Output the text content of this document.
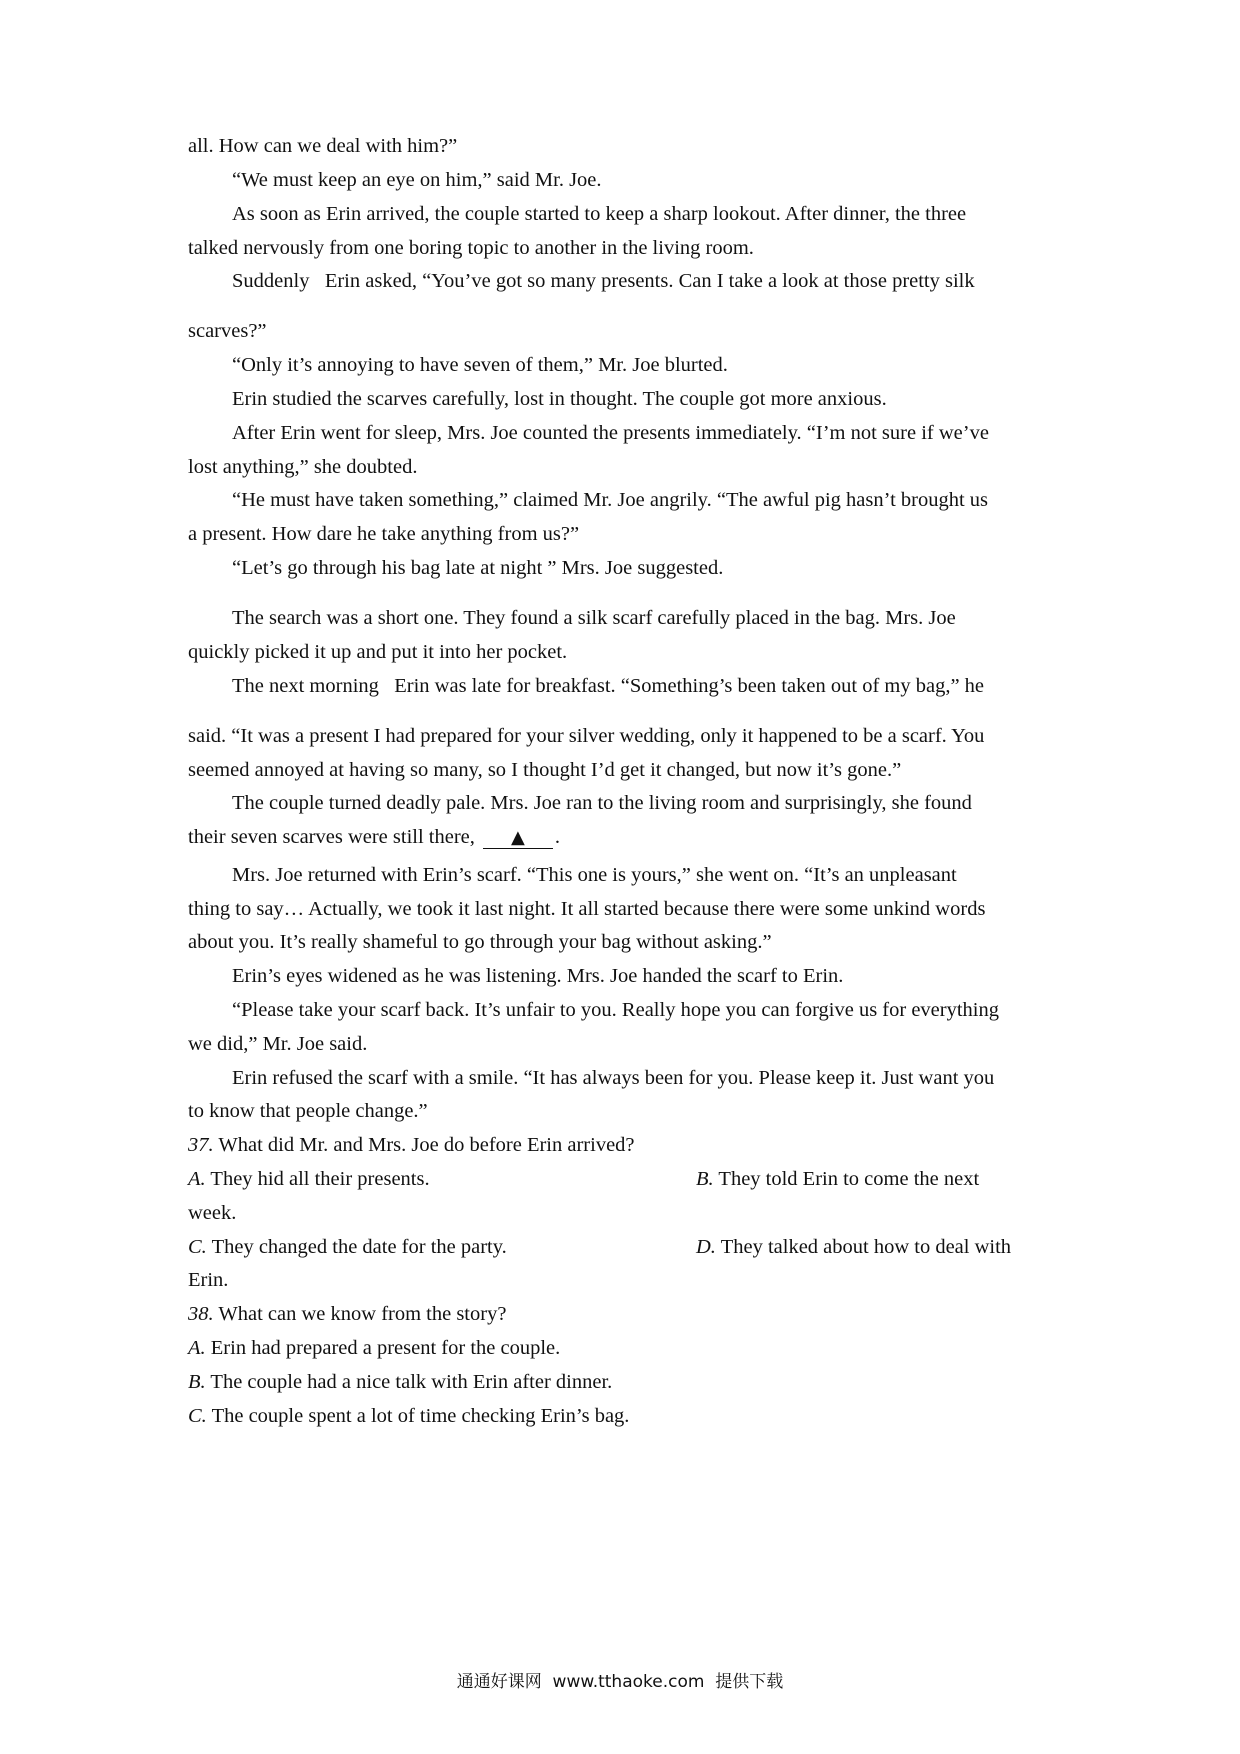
all. How can we deal with him?”
“We must keep an eye on him,” said Mr. Joe.
As soon as Erin arrived, the couple started to keep a sharp lookout. After dinner, the three
talked nervously from one boring topic to another in the living room.
Suddenly   Erin asked, “You’ve got so many presents. Can I take a look at those pretty silk
scarves?”
“Only it’s annoying to have seven of them,” Mr. Joe blurted.
Erin studied the scarves carefully, lost in thought. The couple got more anxious.
After Erin went for sleep, Mrs. Joe counted the presents immediately. “I’m not sure if we’ve
lost anything,” she doubted.
“He must have taken something,” claimed Mr. Joe angrily. “The awful pig hasn’t brought us
a present. How dare he take anything from us?”
“Let’s go through his bag late at night ” Mrs. Joe suggested.
The search was a short one. They found a silk scarf carefully placed in the bag. Mrs. Joe
quickly picked it up and put it into her pocket.
The next morning   Erin was late for breakfast. “Something’s been taken out of my bag,” he
said. “It was a present I had prepared for your silver wedding, only it happened to be a scarf. You
seemed annoyed at having so many, so I thought I’d get it changed, but now it’s gone.”
The couple turned deadly pale. Mrs. Joe ran to the living room and surprisingly, she found
their seven scarves were still there, ▲ .
Mrs. Joe returned with Erin’s scarf. “This one is yours,” she went on. “It’s an unpleasant
thing to say… Actually, we took it last night. It all started because there were some unkind words
about you. It’s really shameful to go through your bag without asking.”
Erin’s eyes widened as he was listening. Mrs. Joe handed the scarf to Erin.
“Please take your scarf back. It’s unfair to you. Really hope you can forgive us for everything
we did,” Mr. Joe said.
Erin refused the scarf with a smile. “It has always been for you. Please keep it. Just want you
to know that people change.”
37. What did Mr. and Mrs. Joe do before Erin arrived?
A. They hid all their presents.	B. They told Erin to come the next
week.
C. They changed the date for the party.	D. They talked about how to deal with
Erin.
38. What can we know from the story?
A. Erin had prepared a present for the couple.
B. The couple had a nice talk with Erin after dinner.
C. The couple spent a lot of time checking Erin’s bag.
通通好课网  www.tthaoke.com  提供下载
